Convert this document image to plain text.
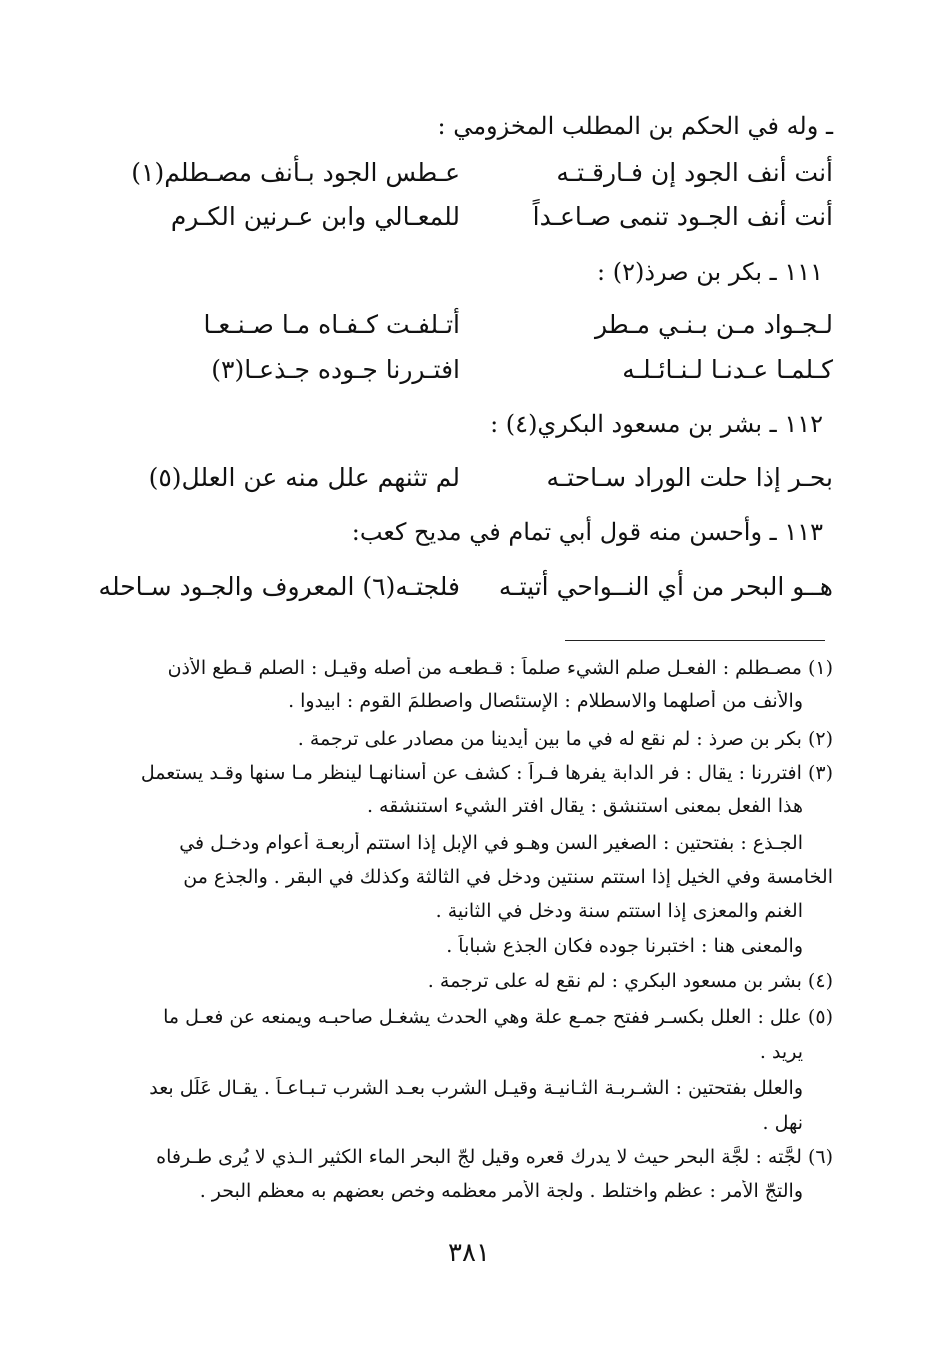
ـ وله في الحكم بن المطلب المخزومي :
أنت أنف الجود إن فـارقـتـه
عـطس الجود بـأنف مصـطلم(١)
أنت أنف الجـود تنمى صـاعـداً
للمعـالي وابن عـرنين الكـرم
١١١ ـ بكر بن صرذ(٢) :
لـجـواد مـن بـنـي مـطر
أتـلفـت كـفـاه مـا صـنـعـا
كـلمـا عـدنـا لـنـائـلـه
افتـررنا جـوده جـذعـا(٣)
١١٢ ـ بشر بن مسعود البكري(٤) :
بحـر إذا حلت الوراد سـاحتـه
لم تثنهم علل منه عن العلل(٥)
١١٣ ـ وأحسن منه قول أبي تمام في مديح كعب:
هــو البحر من أي النــواحي أتيتـه
فلجتـه(٦) المعروف والجـود سـاحله
(١) مصـطلم : الفعـل صلم الشيء صلماً : قـطعـه من أصله وقيـل : الصلم قـطع الأذن
والأنف من أصلهما والاسطلام : الإستئصال واصطلمَ القوم : ابيدوا .
(٢) بكر بن صرذ : لم نقع له في ما بين أيدينا من مصادر على ترجمة .
(٣) افتررنا : يقال : فر الدابة يفرها فـراً : كشف عن أسنانهـا لينظر مـا سنها وقـد يستعمل
هذا الفعل بمعنى استنشق : يقال افتر الشيء استنشقه .
الجـذع : بفتحتين : الصغير السن وهـو في الإبل إذا استتم أربعـة أعوام ودخـل في
الخامسة وفي الخيل إذا استتم سنتين ودخل في الثالثة وكذلك في البقر . والجذع من
الغنم والمعزى إذا استتم سنة ودخل في الثانية .
والمعنى هنا : اختبرنا جوده فكان الجذع شباباً .
(٤) بشر بن مسعود البكري : لم نقع له على ترجمة .
(٥) علل : العلل بكسـر ففتح جمـع علة وهي الحدث يشغـل صاحبـه ويمنعه عن فعـل ما
يريد .
والعلل بفتحتين : الشـربـة الثـانيـة وقيـل الشرب بعـد الشرب تـبـاعـاً . يقـال عَلَل بعد
نهل .
(٦) لجَّته : لجَّة البحر حيث لا يدرك قعره وقيل لجّ البحر الماء الكثير الـذي لا يُرى طـرفاه
والتجّ الأمر : عظم واختلط . ولجة الأمر معظمه وخص بعضهم به معظم البحر .
٣٨١
